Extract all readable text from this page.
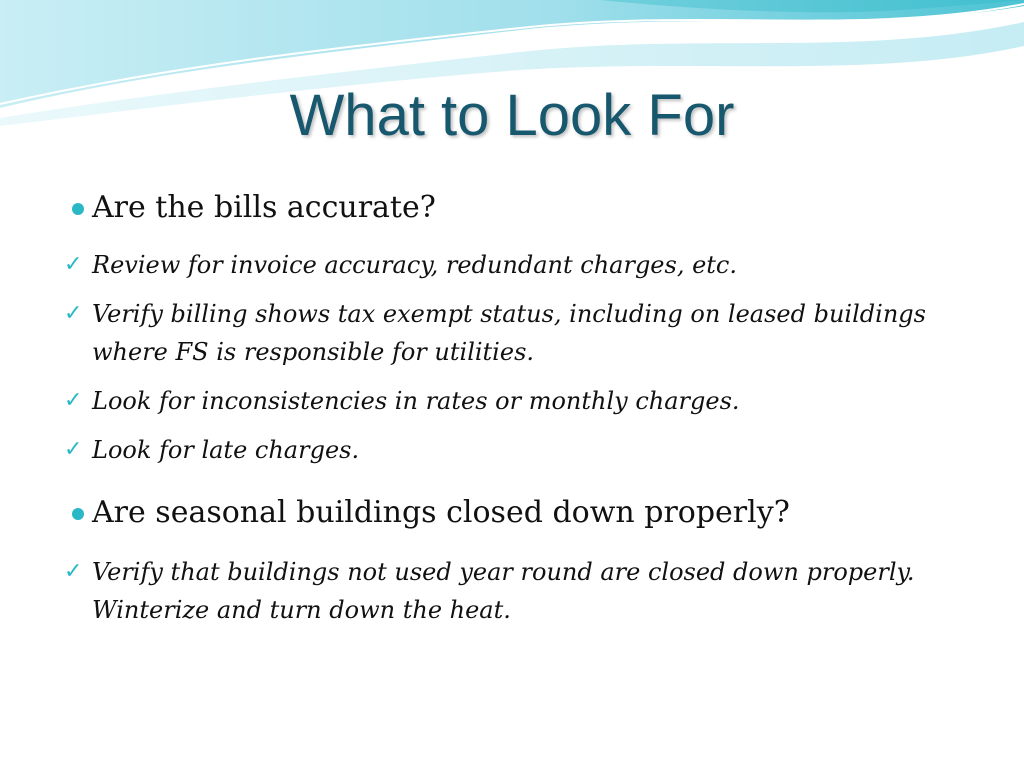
What to Look For

Are the bills accurate?

✓ Review for invoice accuracy, redundant charges, etc.
✓ Verify billing shows tax exempt status, including on leased buildings where FS is responsible for utilities.
✓ Look for inconsistencies in rates or monthly charges.
✓ Look for late charges.

Are seasonal buildings closed down properly?

✓ Verify that buildings not used year round are closed down properly. Winterize and turn down the heat.
